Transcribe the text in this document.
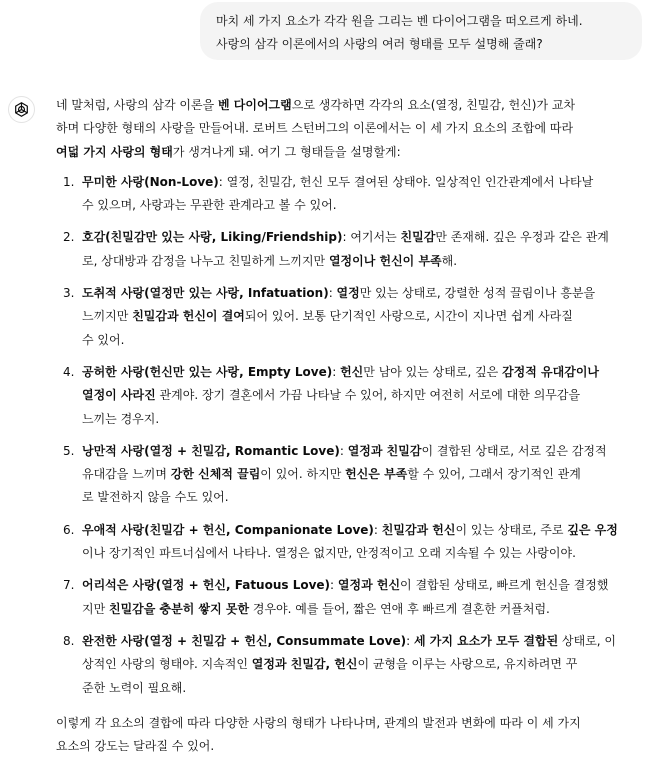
마치 세 가지 요소가 각각 원을 그리는 벤 다이어그램을 떠오르게 하네.

사랑의 삼각 이론에서의 사랑의 여러 형태를 모두 설명해 줄래?

네 말처럼, 사랑의 삼각 이론을 벤 다이어그램으로 생각하면 각각의 요소(열정, 친밀감, 헌신)가 교차

하며 다양한 형태의 사랑을 만들어내. 로버트 스턴버그의 이론에서는 이 세 가지 요소의 조합에 따라

여덟 가지 사랑의 형태가 생겨나게 돼. 여기 그 형태들을 설명할게:

1. 무미한 사랑(Non-Love): 열정, 친밀감, 헌신 모두 결여된 상태야. 일상적인 인간관계에서 나타날

수 있으며, 사랑과는 무관한 관계라고 볼 수 있어.

2. 호감(친밀감만 있는 사랑, Liking/Friendship): 여기서는 친밀감만 존재해. 깊은 우정과 같은 관계

로, 상대방과 감정을 나누고 친밀하게 느끼지만 열정이나 헌신이 부족해.

3. 도취적 사랑(열정만 있는 사랑, Infatuation): 열정만 있는 상태로, 강렬한 성적 끌림이나 흥분을

느끼지만 친밀감과 헌신이 결여되어 있어. 보통 단기적인 사랑으로, 시간이 지나면 쉽게 사라질

수 있어.

4. 공허한 사랑(헌신만 있는 사랑, Empty Love): 헌신만 남아 있는 상태로, 깊은 감정적 유대감이나

열정이 사라진 관계야. 장기 결혼에서 가끔 나타날 수 있어, 하지만 여전히 서로에 대한 의무감을

느끼는 경우지.

5. 낭만적 사랑(열정 + 친밀감, Romantic Love): 열정과 친밀감이 결합된 상태로, 서로 깊은 감정적

유대감을 느끼며 강한 신체적 끌림이 있어. 하지만 헌신은 부족할 수 있어, 그래서 장기적인 관계

로 발전하지 않을 수도 있어.

6. 우애적 사랑(친밀감 + 헌신, Companionate Love): 친밀감과 헌신이 있는 상태로, 주로 깊은 우정

이나 장기적인 파트너십에서 나타나. 열정은 없지만, 안정적이고 오래 지속될 수 있는 사랑이야.

7. 어리석은 사랑(열정 + 헌신, Fatuous Love): 열정과 헌신이 결합된 상태로, 빠르게 헌신을 결정했

지만 친밀감을 충분히 쌓지 못한 경우야. 예를 들어, 짧은 연애 후 빠르게 결혼한 커플처럼.

8. 완전한 사랑(열정 + 친밀감 + 헌신, Consummate Love): 세 가지 요소가 모두 결합된 상태로, 이

상적인 사랑의 형태야. 지속적인 열정과 친밀감, 헌신이 균형을 이루는 사랑으로, 유지하려면 꾸

준한 노력이 필요해.

이렇게 각 요소의 결합에 따라 다양한 사랑의 형태가 나타나며, 관계의 발전과 변화에 따라 이 세 가지

요소의 강도는 달라질 수 있어.
